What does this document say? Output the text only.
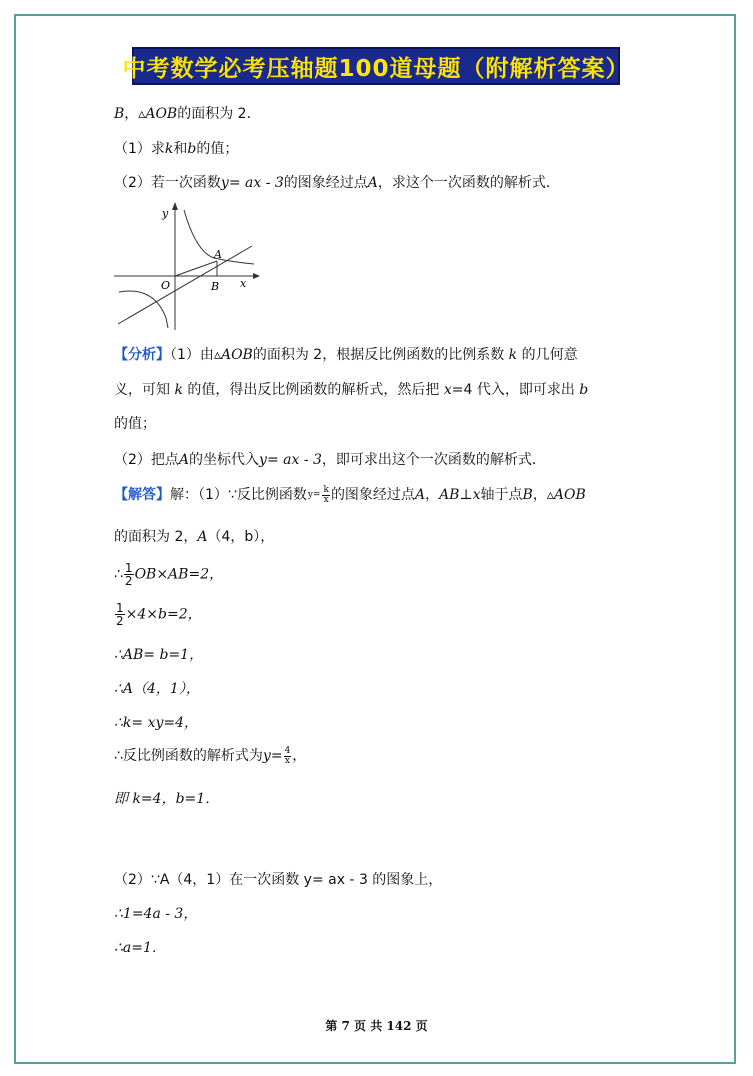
中考数学必考压轴题100道母题（附解析答案）
B，▵AOB的面积为 2．
（1）求k和b的值；
（2）若一次函数y= ax - 3的图象经过点A，求这个一次函数的解析式．
y
x
O
A
B
【分析】（1）由▵AOB的面积为 2，根据反比例函数的比例系数 k 的几何意
义，可知 k 的值，得出反比例函数的解析式，然后把 x=4 代入，即可求出 b
的值；
（2）把点A的坐标代入y= ax - 3，即可求出这个一次函数的解析式．
【解答】解：（1）∵反比例函数$y= \frac{k}{x}$ 的图象经过点A，AB⊥x轴于点B，▵AOB
的面积为 2，A（4，b），
∴ $\frac{1}{2} OB\times AB=2$，
$\frac{1}{2} \times 4\times b=2$，
∴AB= b=1，
∴A（4，1），
∴k= xy=4，
∴反比例函数的解析式为$y= \frac{4}{x}$ ，
即 k=4，b=1．
（2）∵A（4，1）在一次函数 y= ax - 3 的图象上，
∴1=4a - 3，
∴a=1．
第 7 页 共 142 页
